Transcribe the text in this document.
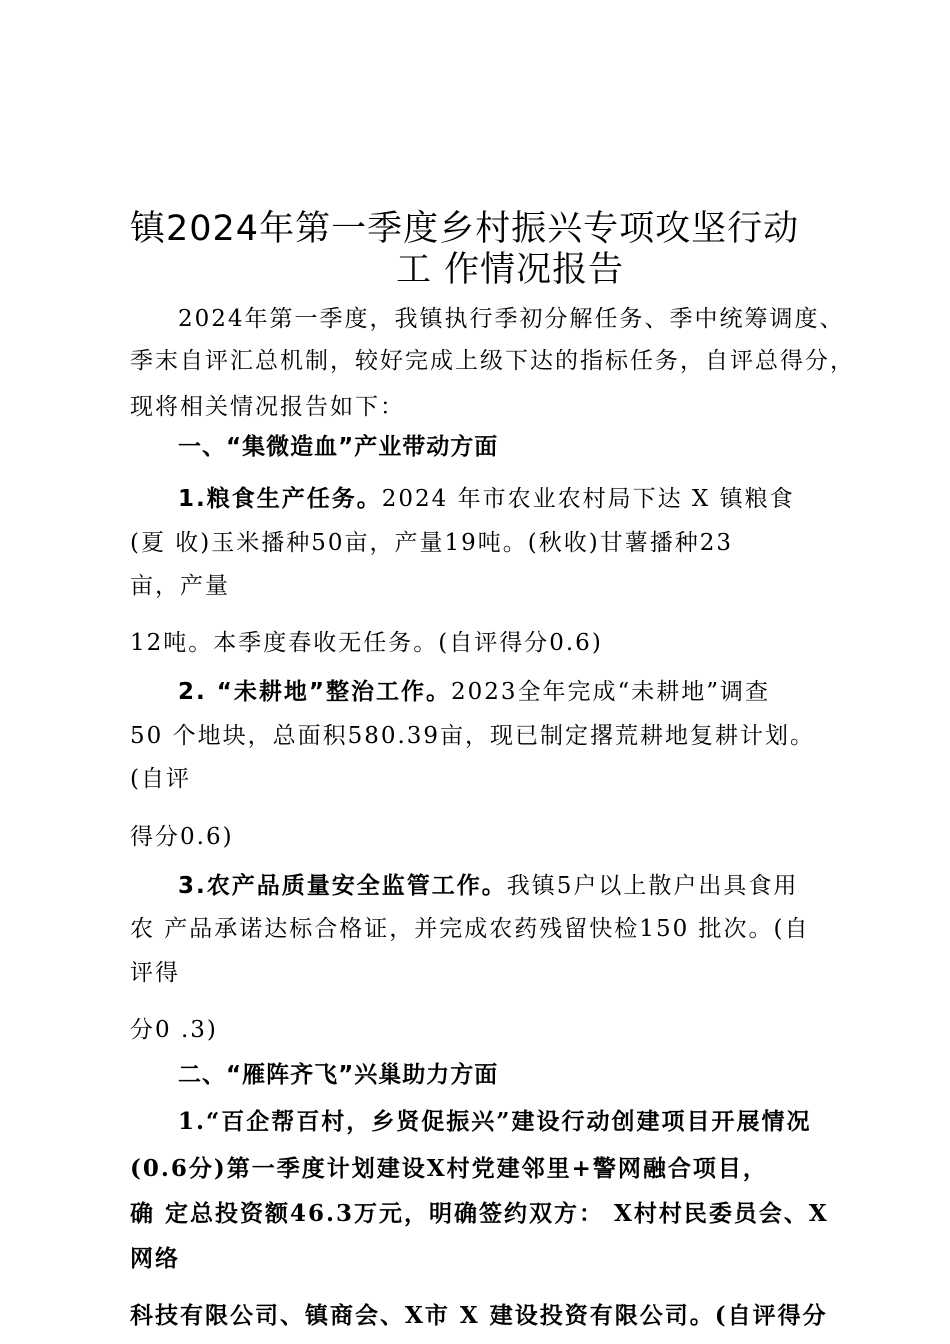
镇2024年第一季度乡村振兴专项攻坚行动
工 作情况报告
2024年第一季度，我镇执行季初分解任务、季中统筹调度、
季末自评汇总机制，较好完成上级下达的指标任务，自评总得分，
现将相关情况报告如下：
一、“集微造血”产业带动方面
1.粮食生产任务。2024 年市农业农村局下达 X 镇粮食
(夏 收)玉米播种50亩，产量19吨。(秋收)甘薯播种23
亩，产量
12吨。本季度春收无任务。(自评得分0.6)
2. “未耕地”整治工作。2023全年完成“未耕地”调查
50 个地块，总面积580.39亩，现已制定撂荒耕地复耕计划。
(自评
得分0.6)
3.农产品质量安全监管工作。我镇5户以上散户出具食用
农 产品承诺达标合格证，并完成农药残留快检150 批次。(自
评得
分0 .3)
二、“雁阵齐飞”兴巢助力方面
1.“百企帮百村，乡贤促振兴”建设行动创建项目开展情况
(0.6分)第一季度计划建设X村党建邻里+警网融合项目，
确 定总投资额46.3万元，明确签约双方： X村村民委员会、X
网络
科技有限公司、镇商会、X市 X 建设投资有限公司。(自评得分
